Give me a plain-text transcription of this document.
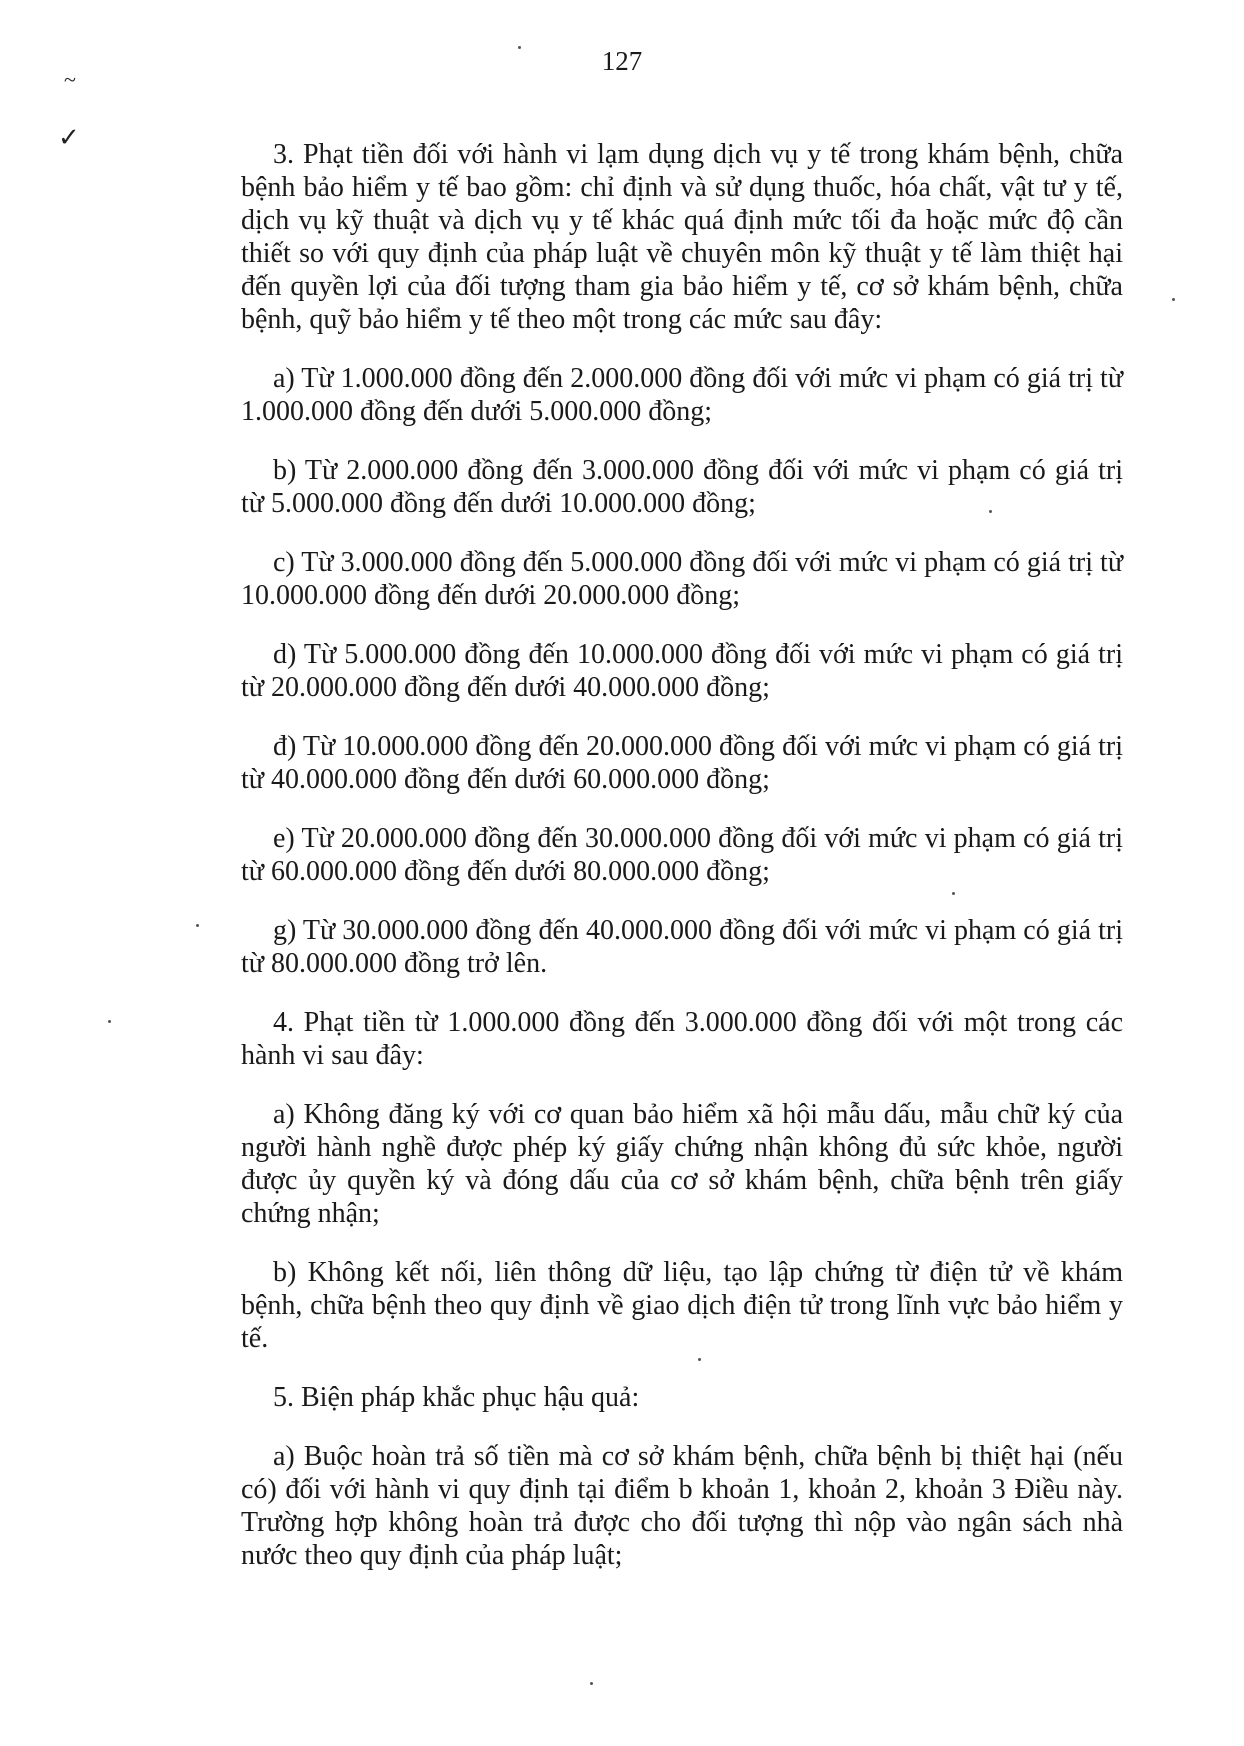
127
~
✓

3. Phạt tiền đối với hành vi lạm dụng dịch vụ y tế trong khám bệnh, chữa bệnh bảo hiểm y tế bao gồm: chỉ định và sử dụng thuốc, hóa chất, vật tư y tế, dịch vụ kỹ thuật và dịch vụ y tế khác quá định mức tối đa hoặc mức độ cần thiết so với quy định của pháp luật về chuyên môn kỹ thuật y tế làm thiệt hại đến quyền lợi của đối tượng tham gia bảo hiểm y tế, cơ sở khám bệnh, chữa bệnh, quỹ bảo hiểm y tế theo một trong các mức sau đây:

a) Từ 1.000.000 đồng đến 2.000.000 đồng đối với mức vi phạm có giá trị từ 1.000.000 đồng đến dưới 5.000.000 đồng;

b) Từ 2.000.000 đồng đến 3.000.000 đồng đối với mức vi phạm có giá trị từ 5.000.000 đồng đến dưới 10.000.000 đồng;

c) Từ 3.000.000 đồng đến 5.000.000 đồng đối với mức vi phạm có giá trị từ 10.000.000 đồng đến dưới 20.000.000 đồng;

d) Từ 5.000.000 đồng đến 10.000.000 đồng đối với mức vi phạm có giá trị từ 20.000.000 đồng đến dưới 40.000.000 đồng;

đ) Từ 10.000.000 đồng đến 20.000.000 đồng đối với mức vi phạm có giá trị từ 40.000.000 đồng đến dưới 60.000.000 đồng;

e) Từ 20.000.000 đồng đến 30.000.000 đồng đối với mức vi phạm có giá trị từ 60.000.000 đồng đến dưới 80.000.000 đồng;

g) Từ 30.000.000 đồng đến 40.000.000 đồng đối với mức vi phạm có giá trị từ 80.000.000 đồng trở lên.

4. Phạt tiền từ 1.000.000 đồng đến 3.000.000 đồng đối với một trong các hành vi sau đây:

a) Không đăng ký với cơ quan bảo hiểm xã hội mẫu dấu, mẫu chữ ký của người hành nghề được phép ký giấy chứng nhận không đủ sức khỏe, người được ủy quyền ký và đóng dấu của cơ sở khám bệnh, chữa bệnh trên giấy chứng nhận;

b) Không kết nối, liên thông dữ liệu, tạo lập chứng từ điện tử về khám bệnh, chữa bệnh theo quy định về giao dịch điện tử trong lĩnh vực bảo hiểm y tế.

5. Biện pháp khắc phục hậu quả:

a) Buộc hoàn trả số tiền mà cơ sở khám bệnh, chữa bệnh bị thiệt hại (nếu có) đối với hành vi quy định tại điểm b khoản 1, khoản 2, khoản 3 Điều này. Trường hợp không hoàn trả được cho đối tượng thì nộp vào ngân sách nhà nước theo quy định của pháp luật;
